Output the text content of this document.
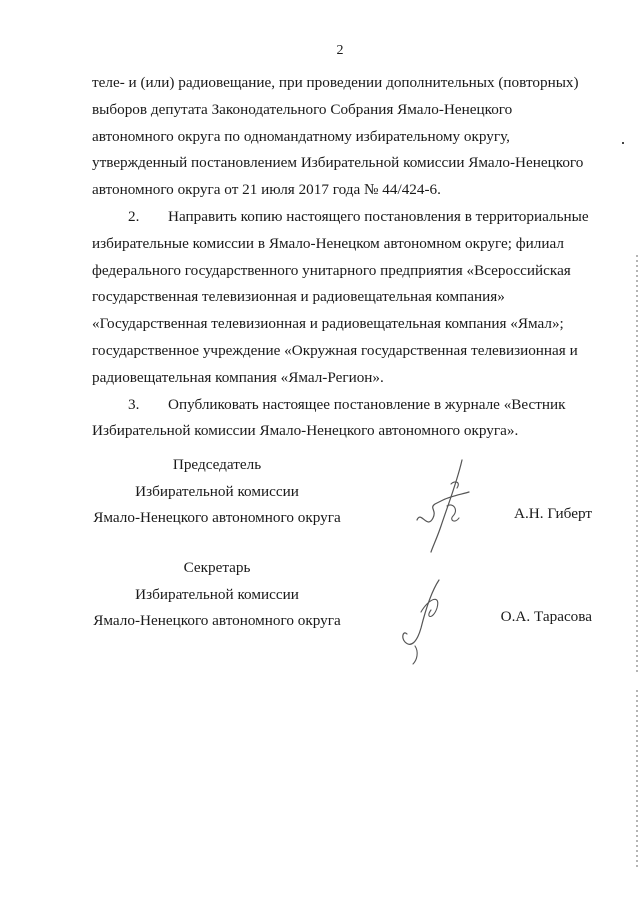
2

теле- и (или) радиовещание, при проведении дополнительных (повторных)

выборов депутата Законодательного Собрания Ямало-Ненецкого

автономного округа по одномандатному избирательному округу,

утвержденный постановлением Избирательной комиссии Ямало-Ненецкого

автономного округа от 21 июля 2017 года № 44/424-6.

2. Направить копию настоящего постановления в территориальные

избирательные комиссии в Ямало-Ненецком автономном округе; филиал

федерального государственного унитарного предприятия «Всероссийская

государственная телевизионная и радиовещательная компания»

«Государственная телевизионная и радиовещательная компания «Ямал»;

государственное учреждение «Окружная государственная телевизионная и

радиовещательная компания «Ямал-Регион».

3. Опубликовать настоящее постановление в журнале «Вестник

Избирательной комиссии Ямало-Ненецкого автономного округа».

Председатель
Избирательной комиссии
Ямало-Ненецкого автономного округа	А.Н. Гиберт
Секретарь
Избирательной комиссии
Ямало-Ненецкого автономного округа	О.А. Тарасова
